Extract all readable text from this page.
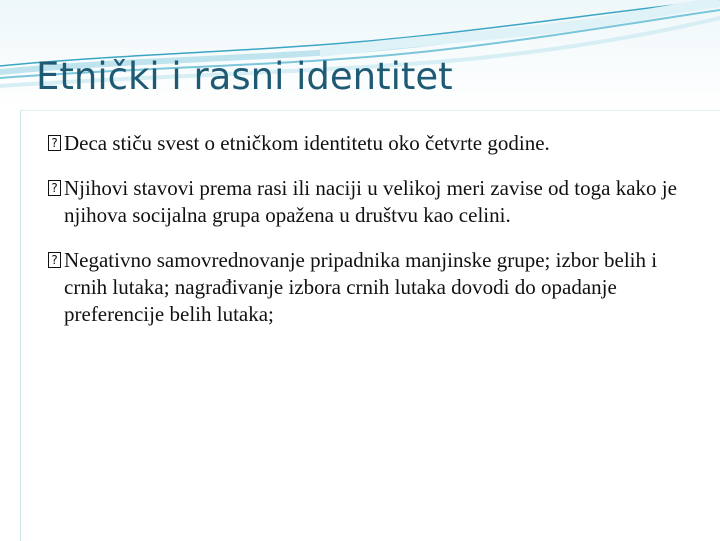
Etnički i rasni identitet

? Deca stiču svest o etničkom identitetu oko četvrte godine.

? Njihovi stavovi prema rasi ili naciji u velikoj meri zavise od toga kako je njihova socijalna grupa opažena u društvu kao celini.

? Negativno samovrednovanje pripadnika manjinske grupe; izbor belih i crnih lutaka; nagrađivanje izbora crnih lutaka dovodi do opadanje preferencije belih lutaka;
